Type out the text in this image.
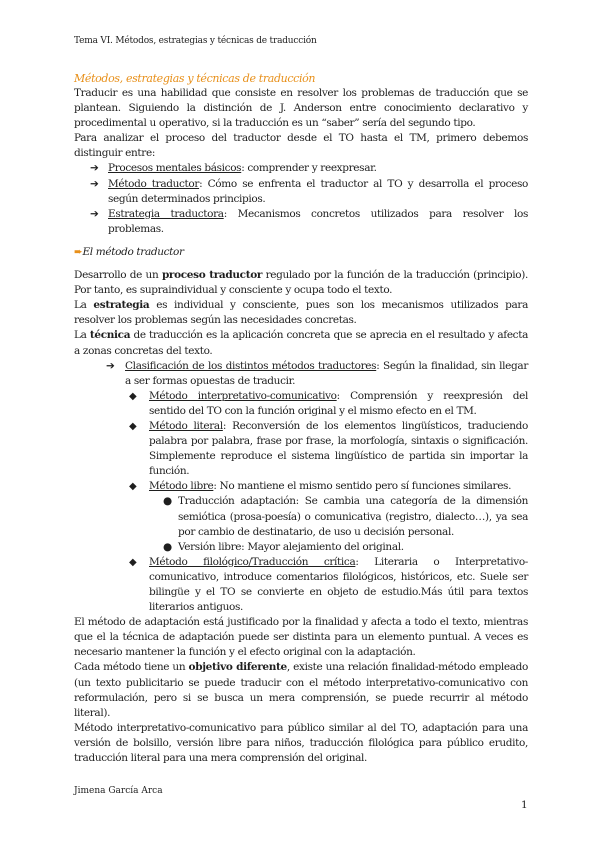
Tema VI. Métodos, estrategias y técnicas de traducción

Métodos, estrategias y técnicas de traducción

Traducir es una habilidad que consiste en resolver los problemas de traducción que se plantean. Siguiendo la distinción de J. Anderson entre conocimiento declarativo y procedimental u operativo, si la traducción es un “saber” sería del segundo tipo.

Para analizar el proceso del traductor desde el TO hasta el TM, primero debemos distinguir entre:

➔ Procesos mentales básicos: comprender y reexpresar.
➔ Método traductor: Cómo se enfrenta el traductor al TO y desarrolla el proceso según determinados principios.
➔ Estrategia traductora: Mecanismos concretos utilizados para resolver los problemas.

➨El método traductor

Desarrollo de un proceso traductor regulado por la función de la traducción (principio). Por tanto, es supraindividual y consciente y ocupa todo el texto.

La estrategia es individual y consciente, pues son los mecanismos utilizados para resolver los problemas según las necesidades concretas.

La técnica de traducción es la aplicación concreta que se aprecia en el resultado y afecta a zonas concretas del texto.

➔ Clasificación de los distintos métodos traductores: Según la finalidad, sin llegar a ser formas opuestas de traducir.
◆ Método interpretativo-comunicativo: Comprensión y reexpresión del sentido del TO con la función original y el mismo efecto en el TM.
◆ Método literal: Reconversión de los elementos lingüísticos, traduciendo palabra por palabra, frase por frase, la morfología, sintaxis o significación. Simplemente reproduce el sistema lingüístico de partida sin importar la función.
◆ Método libre: No mantiene el mismo sentido pero sí funciones similares.
● Traducción adaptación: Se cambia una categoría de la dimensión semiótica (prosa-poesía) o comunicativa (registro, dialecto…), ya sea por cambio de destinatario, de uso u decisión personal.
● Versión libre: Mayor alejamiento del original.
◆ Método filológico/Traducción crítica: Literaria o Interpretativo-comunicativo, introduce comentarios filológicos, históricos, etc. Suele ser bilingüe y el TO se convierte en objeto de estudio.Más útil para textos literarios antiguos.

El método de adaptación está justificado por la finalidad y afecta a todo el texto, mientras que el la técnica de adaptación puede ser distinta para un elemento puntual. A veces es necesario mantener la función y el efecto original con la adaptación.

Cada método tiene un objetivo diferente, existe una relación finalidad-método empleado (un texto publicitario se puede traducir con el método interpretativo-comunicativo con reformulación, pero si se busca un mera comprensión, se puede recurrir al método literal).

Método interpretativo-comunicativo para público similar al del TO, adaptación para una versión de bolsillo, versión libre para niños, traducción filológica para público erudito, traducción literal para una mera comprensión del original.

Jimena García Arca
1
